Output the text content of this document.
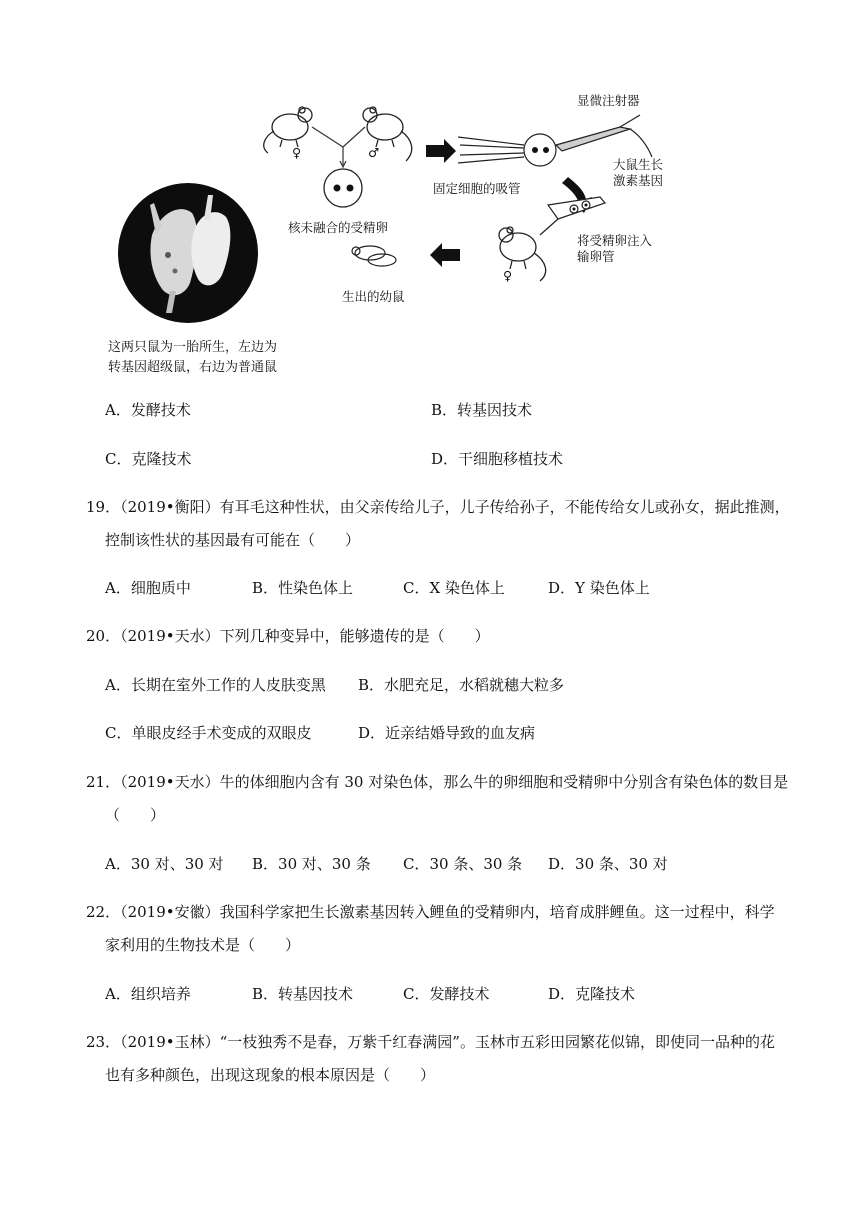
♀	♂
核未融合的受精卵
固定细胞的吸管
显微注射器
大鼠生长
激素基因
将受精卵注入
输卵管
♀
生出的幼鼠
这两只鼠为一胎所生，左边为
转基因超级鼠，右边为普通鼠
A．发酵技术	B．转基因技术
C．克隆技术	D．干细胞移植技术
19．（2019•衡阳）有耳毛这种性状，由父亲传给儿子，儿子传给孙子，不能传给女儿或孙女，据此推测，
控制该性状的基因最有可能在（　　）
A．细胞质中	B．性染色体上	C．X 染色体上	D．Y 染色体上
20．（2019•天水）下列几种变异中，能够遗传的是（　　）
A．长期在室外工作的人皮肤变黑 B．水肥充足，水稻就穗大粒多
C．单眼皮经手术变成的双眼皮	D．近亲结婚导致的血友病
21．（2019•天水）牛的体细胞内含有 30 对染色体，那么牛的卵细胞和受精卵中分别含有染色体的数目是
（　　）
A．30 对、30 对 B．30 对、30 条 C．30 条、30 条 D．30 条、30 对
22．（2019•安徽）我国科学家把生长激素基因转入鲤鱼的受精卵内，培育成胖鲤鱼。这一过程中，科学
家利用的生物技术是（　　）
A．组织培养	B．转基因技术	C．发酵技术	D．克隆技术
23．（2019•玉林）“一枝独秀不是春，万紫千红春满园”。玉林市五彩田园繁花似锦，即使同一品种的花
也有多种颜色，出现这现象的根本原因是（　　）
